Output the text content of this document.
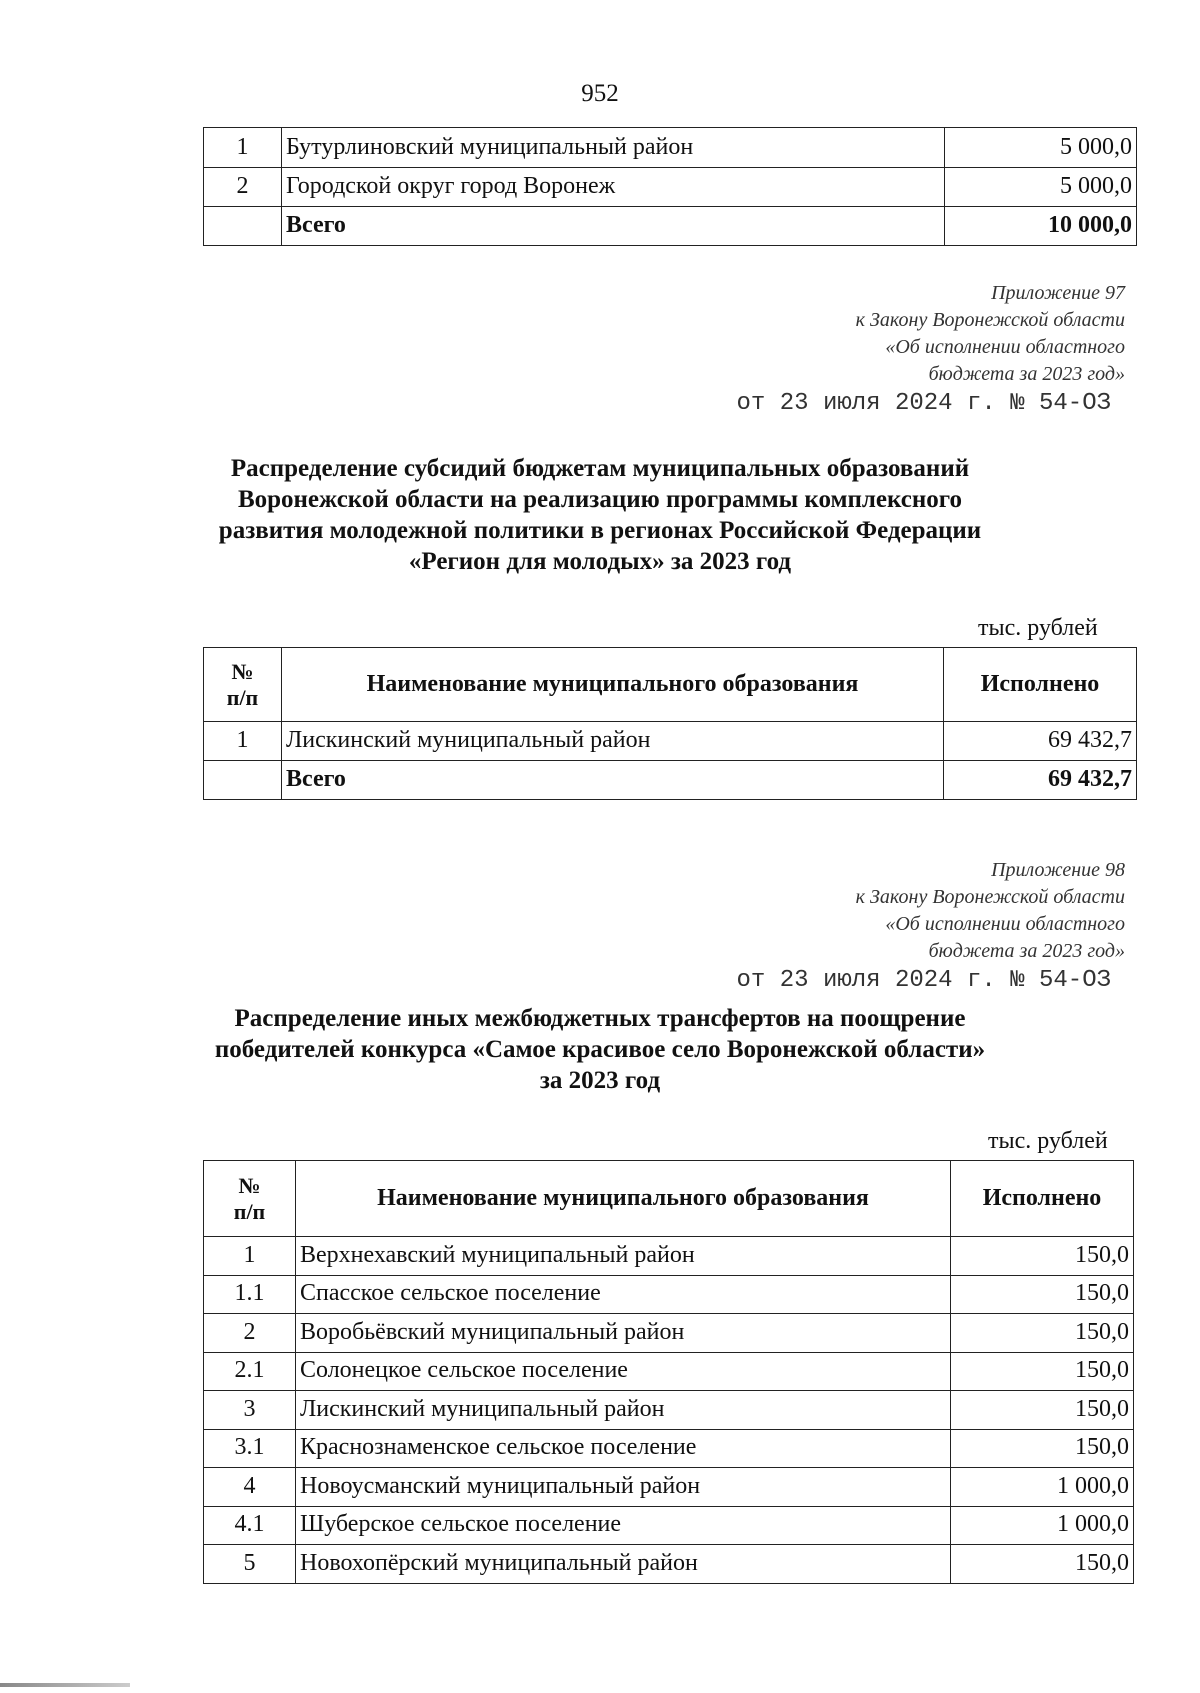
952
1	Бутурлиновский муниципальный район	5 000,0
2	Городской округ город Воронеж	5 000,0
	Всего	10 000,0
Приложение 97
к Закону Воронежской области
«Об исполнении областного
бюджета за 2023 год»
от 23 июля 2024 г. № 54-ОЗ
Распределение субсидий бюджетам муниципальных образований
Воронежской области на реализацию программы комплексного
развития молодежной политики в регионах Российской Федерации
«Регион для молодых» за 2023 год
тыс. рублей
№
п/п	Наименование муниципального образования	Исполнено
1	Лискинский муниципальный район	69 432,7
	Всего	69 432,7
Приложение 98
к Закону Воронежской области
«Об исполнении областного
бюджета за 2023 год»
от 23 июля 2024 г. № 54-ОЗ
Распределение иных межбюджетных трансфертов на поощрение
победителей конкурса «Самое красивое село Воронежской области»
за 2023 год
тыс. рублей
№
п/п	Наименование муниципального образования	Исполнено
1	Верхнехавский муниципальный район	150,0
1.1	Спасское сельское поселение	150,0
2	Воробьёвский муниципальный район	150,0
2.1	Солонецкое сельское поселение	150,0
3	Лискинский муниципальный район	150,0
3.1	Краснознаменское сельское поселение	150,0
4	Новоусманский муниципальный район	1 000,0
4.1	Шуберское сельское поселение	1 000,0
5	Новохопёрский муниципальный район	150,0
